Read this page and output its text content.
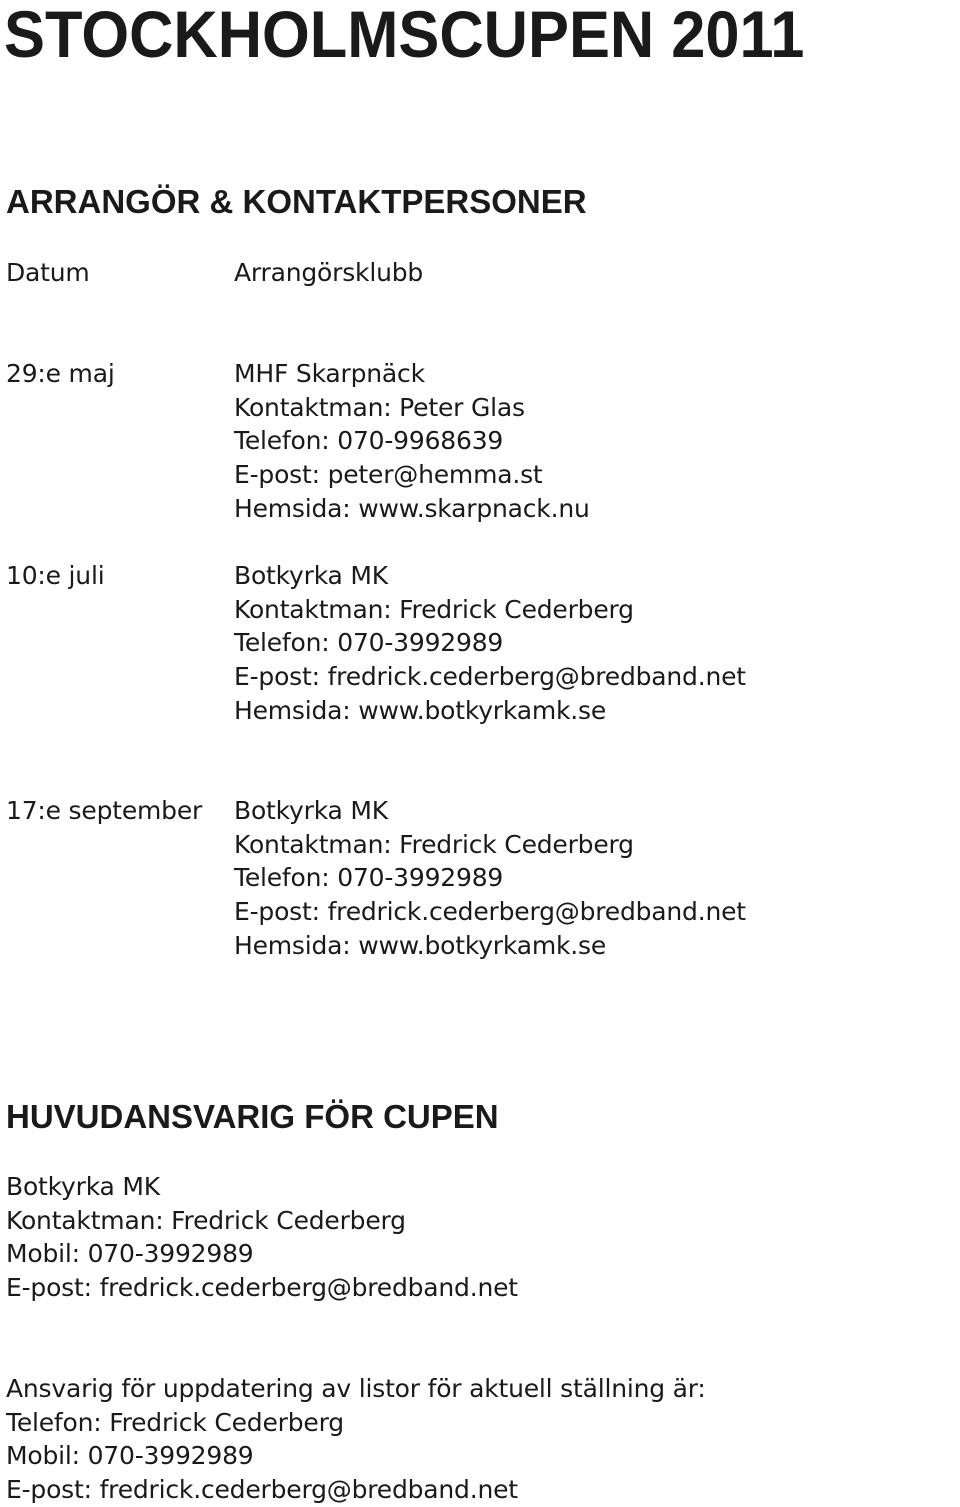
STOCKHOLMSCUPEN 2011
ARRANGÖR & KONTAKTPERSONER
Datum	Arrangörsklubb
29:e maj	MHF Skarpnäck
Kontaktman: Peter Glas
Telefon: 070-9968639
E-post: peter@hemma.st
Hemsida: www.skarpnack.nu
10:e juli	Botkyrka MK
Kontaktman: Fredrick Cederberg
Telefon: 070-3992989
E-post: fredrick.cederberg@bredband.net
Hemsida: www.botkyrkamk.se
17:e september Botkyrka MK
Kontaktman: Fredrick Cederberg
Telefon: 070-3992989
E-post: fredrick.cederberg@bredband.net
Hemsida: www.botkyrkamk.se
HUVUDANSVARIG FÖR CUPEN
Botkyrka MK
Kontaktman: Fredrick Cederberg
Mobil: 070-3992989
E-post: fredrick.cederberg@bredband.net
Ansvarig för uppdatering av listor för aktuell ställning är:
Telefon: Fredrick Cederberg
Mobil: 070-3992989
E-post: fredrick.cederberg@bredband.net
